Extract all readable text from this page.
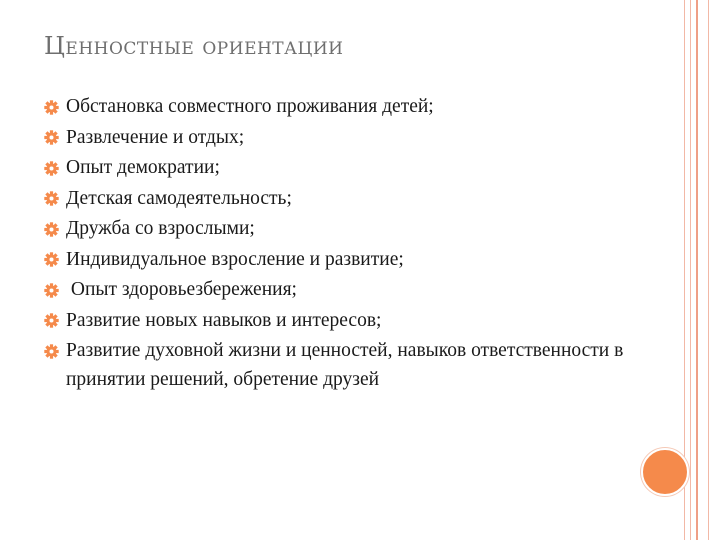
Ценностные ориентации
Обстановка совместного проживания детей;
Развлечение и отдых;
Опыт демократии;
Детская самодеятельность;
Дружба со взрослыми;
Индивидуальное взросление и развитие;
Опыт здоровьезбережения;
Развитие новых навыков и интересов;
Развитие духовной жизни и ценностей, навыков ответственности в принятии решений, обретение друзей
